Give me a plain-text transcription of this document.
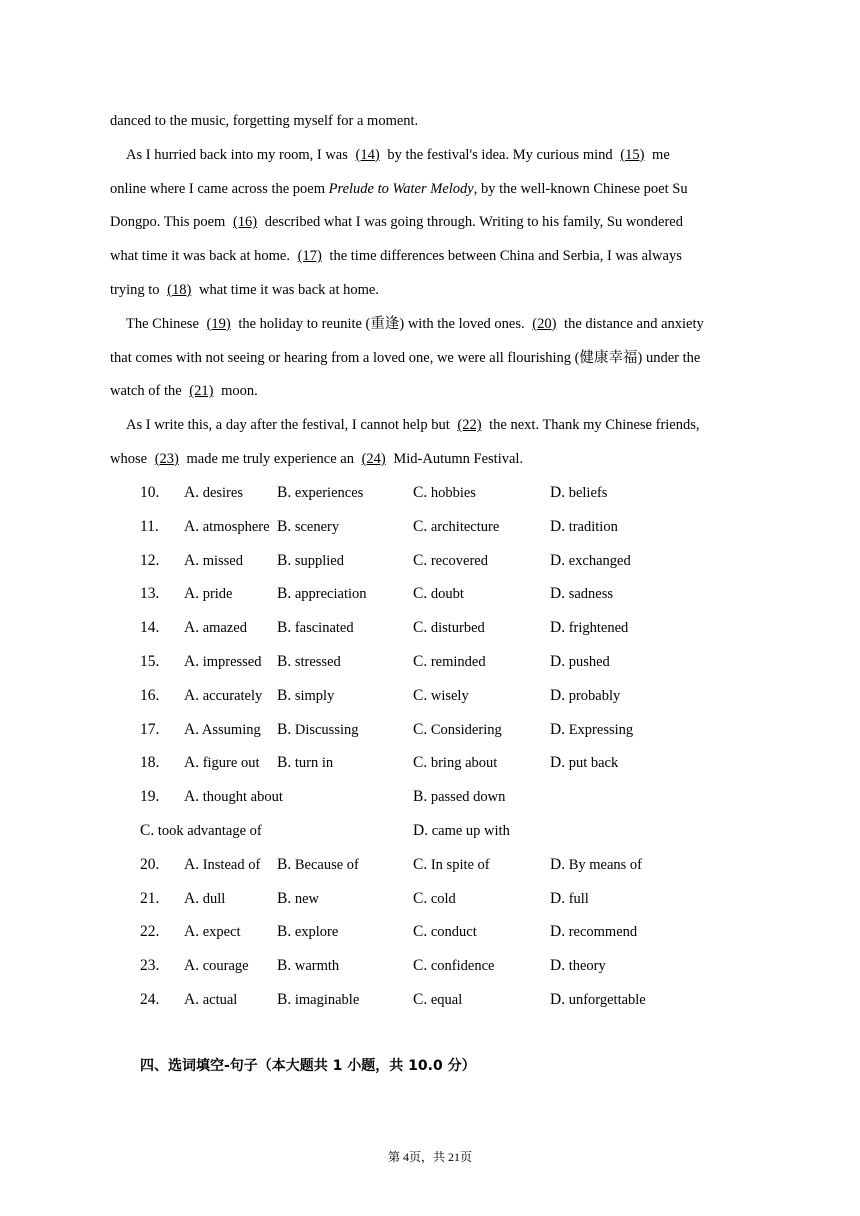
danced to the music, forgetting myself for a moment.
As I hurried back into my room, I was (14) by the festival's idea. My curious mind (15) me
online where I came across the poem Prelude to Water Melody, by the well-known Chinese poet Su
Dongpo. This poem (16) described what I was going through. Writing to his family, Su wondered
what time it was back at home. (17) the time differences between China and Serbia, I was always
trying to (18) what time it was back at home.
The Chinese (19) the holiday to reunite (重逢) with the loved ones. (20) the distance and anxiety
that comes with not seeing or hearing from a loved one, we were all flourishing (健康幸福) under the
watch of the (21) moon.
As I write this, a day after the festival, I cannot help but (22) the next. Thank my Chinese friends,
whose (23) made me truly experience an (24) Mid-Autumn Festival.
10. A. desires B. experiences	C. hobbies	D. beliefs
11. A. atmosphere B. scenery	C. architecture	D. tradition
12. A. missed B. supplied	C. recovered	D. exchanged
13. A. pride	B. appreciation	C. doubt	D. sadness
14. A. amazed B. fascinated	C. disturbed	D. frightened
15. A. impressed B. stressed	C. reminded	D. pushed
16. A. accurately B. simply	C. wisely	D. probably
17. A. Assuming B. Discussing	C. Considering	D. Expressing
18. A. figure out B. turn in	C. bring about	D. put back
19. A. thought about	B. passed down
C. took advantage of	D. came up with
20. A. Instead of B. Because of	C. In spite of	D. By means of
21. A. dull	B. new	C. cold	D. full
22. A. expect B. explore	C. conduct	D. recommend
23. A. courage B. warmth	C. confidence	D. theory
24. A. actual	B. imaginable	C. equal	D. unforgettable
四、选词填空-句子（本大题共 1 小题，共 10.0 分）
第 4页，共 21页
